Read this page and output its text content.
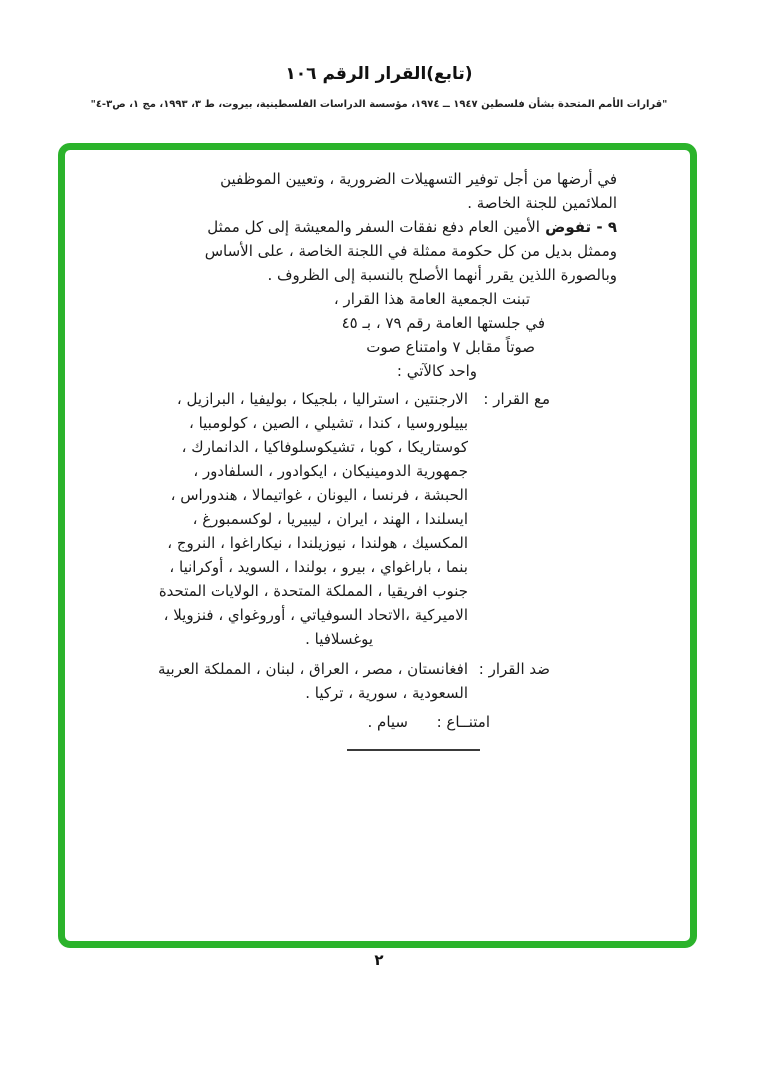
(تابع)القرار الرقم ١٠٦
"قرارات الأمم المتحدة بشأن فلسطين ١٩٤٧ ــ ١٩٧٤، مؤسسة الدراسات الفلسطينية، بيروت، ط ٣، ١٩٩٣، مج ١، ص٣-٤"
في أرضها من أجل توفير التسهيلات الضرورية ، وتعيين الموظفين
الملائمين للجنة الخاصة .
٩ - تفوض الأمين العام دفع نفقات السفر والمعيشة إلى كل ممثل
وممثل بديل من كل حكومة ممثلة في اللجنة الخاصة ، على الأساس
وبالصورة اللذين يقرر أنهما الأصلح بالنسبة إلى الظروف .
تبنت الجمعية العامة هذا القرار ،
في جلستها العامة رقم ٧٩ ، بـ ٤٥
صوتاً مقابل ٧ وامتناع صوت
واحد كالآتي :
مع القرار :
الارجنتين ، استراليا ، بلجيكا ، بوليفيا ، البرازيل ،
بييلوروسيا ، كندا ، تشيلي ، الصين ، كولومبيا ،
كوستاريكا ، كوبا ، تشيكوسلوفاكيا ، الدانمارك ،
جمهورية الدومينيكان ، ايكوادور ، السلفادور ،
الحبشة ، فرنسا ، اليونان ، غواتيمالا ، هندوراس ،
ايسلندا ، الهند ، ايران ، ليبيريا ، لوكسمبورغ ،
المكسيك ، هولندا ، نيوزيلندا ، نيكاراغوا ، النروج ،
بنما ، باراغواي ، بيرو ، بولندا ، السويد ، أوكرانيا ،
جنوب افريقيا ، المملكة المتحدة ، الولايات المتحدة
الاميركية ،الاتحاد السوفياتي ، أوروغواي ، فنزويلا ،
يوغسلافيا .
ضد القرار :
افغانستان ، مصر ، العراق ، لبنان ، المملكة العربية
السعودية ، سورية ، تركيا .
امتنــاع :
سيام .
٢
